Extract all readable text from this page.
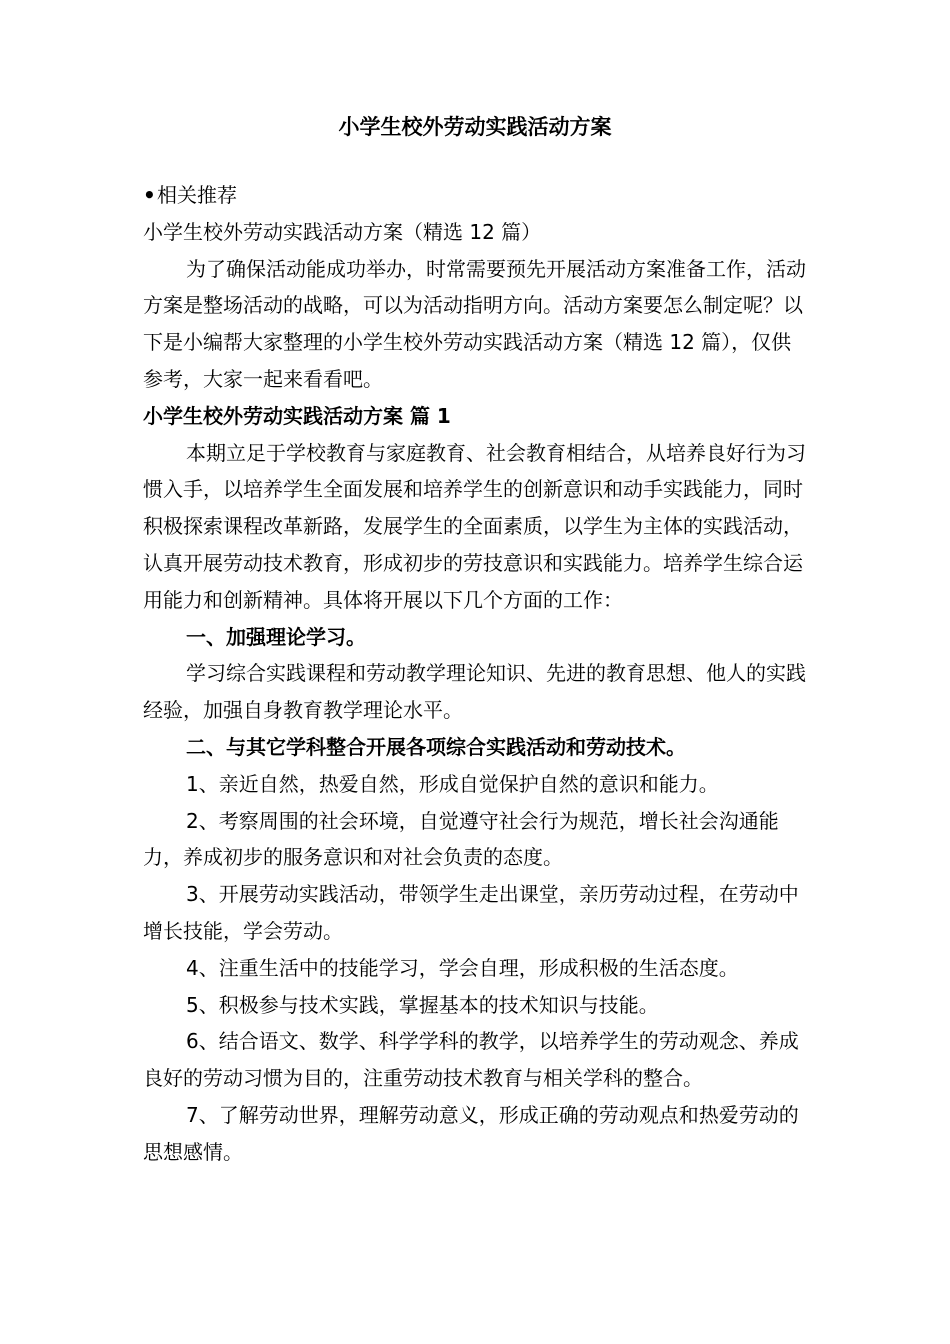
小学生校外劳动实践活动方案

•相关推荐

小学生校外劳动实践活动方案（精选 12 篇）

为了确保活动能成功举办，时常需要预先开展活动方案准备工作，活动方案是整场活动的战略，可以为活动指明方向。活动方案要怎么制定呢？以下是小编帮大家整理的小学生校外劳动实践活动方案（精选 12 篇），仅供参考，大家一起来看看吧。

小学生校外劳动实践活动方案 篇 1

本期立足于学校教育与家庭教育、社会教育相结合，从培养良好行为习惯入手，以培养学生全面发展和培养学生的创新意识和动手实践能力，同时积极探索课程改革新路，发展学生的全面素质，以学生为主体的实践活动，认真开展劳动技术教育，形成初步的劳技意识和实践能力。培养学生综合运用能力和创新精神。具体将开展以下几个方面的工作：

一、加强理论学习。

学习综合实践课程和劳动教学理论知识、先进的教育思想、他人的实践经验，加强自身教育教学理论水平。

二、与其它学科整合开展各项综合实践活动和劳动技术。

1、亲近自然，热爱自然，形成自觉保护自然的意识和能力。

2、考察周围的社会环境，自觉遵守社会行为规范，增长社会沟通能力，养成初步的服务意识和对社会负责的态度。

3、开展劳动实践活动，带领学生走出课堂，亲历劳动过程，在劳动中增长技能，学会劳动。

4、注重生活中的技能学习，学会自理，形成积极的生活态度。

5、积极参与技术实践，掌握基本的技术知识与技能。

6、结合语文、数学、科学学科的教学，以培养学生的劳动观念、养成良好的劳动习惯为目的，注重劳动技术教育与相关学科的整合。

7、了解劳动世界，理解劳动意义，形成正确的劳动观点和热爱劳动的思想感情。
